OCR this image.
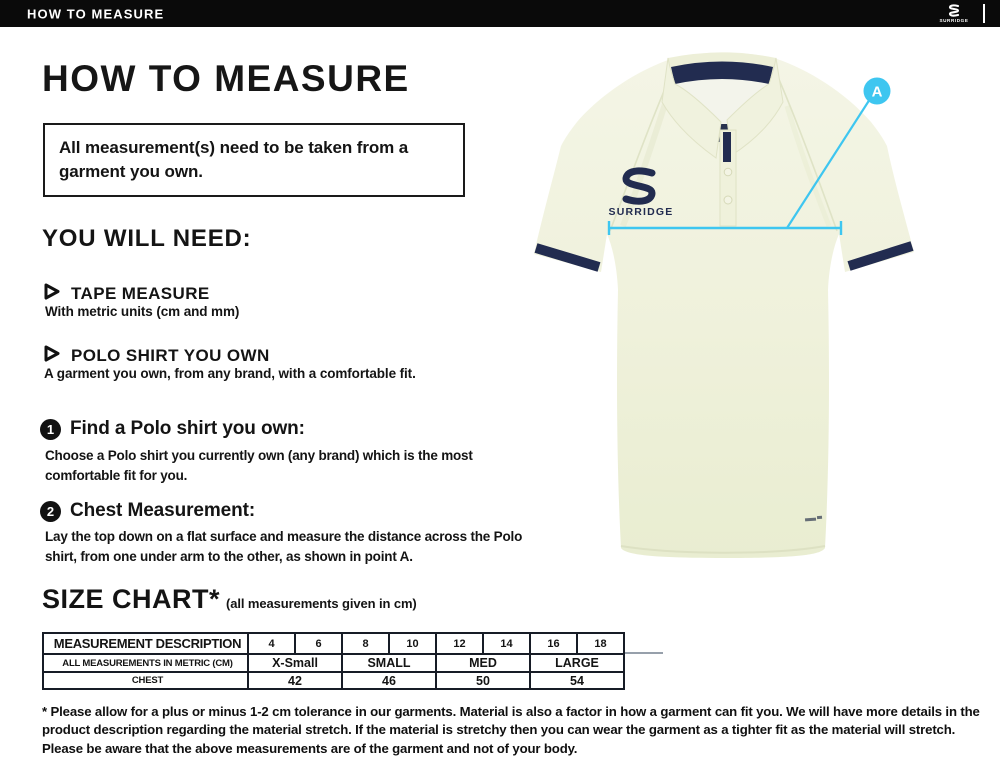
HOW TO MEASURE	SURRIDGE
HOW TO MEASURE

All measurement(s) need to be taken from a garment you own.

YOU WILL NEED:
TAPE MEASURE
With metric units (cm and mm)
POLO SHIRT YOU OWN
A garment you own, from any brand, with a comfortable fit.
1 Find a Polo shirt you own:
Choose a Polo shirt you currently own (any brand) which is the most comfortable fit for you.
2 Chest Measurement:
Lay the top down on a flat surface and measure the distance across the Polo shirt, from one under arm to the other, as shown in point A.
SIZE CHART* (all measurements given in cm)
MEASUREMENT DESCRIPTION	4	6	8	10	12	14	16	18
ALL MEASUREMENTS IN METRIC (CM)	X-Small		SMALL		MED		LARGE	
CHEST	42		46		50		54	

* Please allow for a plus or minus 1-2 cm tolerance in our garments. Material is also a factor in how a garment can fit you. We will have more details in the product description regarding the material stretch. If the material is stretchy then you can wear the garment as a tighter fit as the material will stretch. Please be aware that the above measurements are of the garment and not of your body.

SURRIDGE
A
